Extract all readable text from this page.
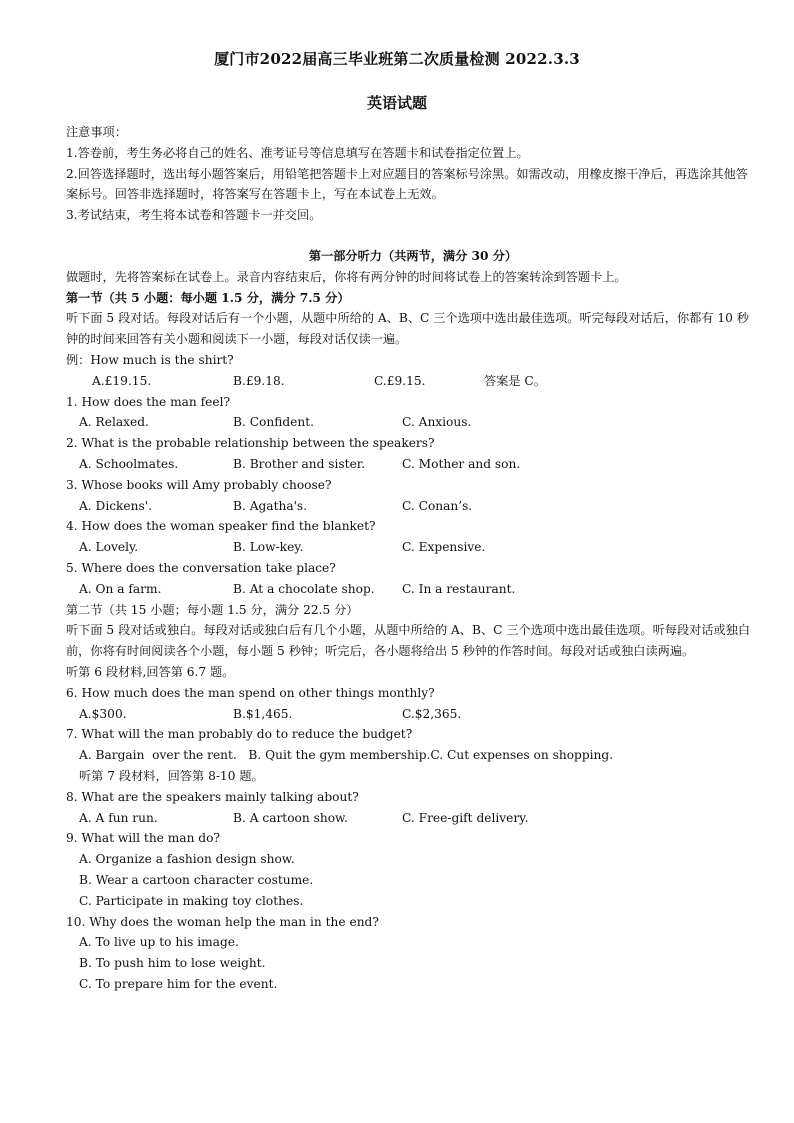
厦门市2022届高三毕业班第二次质量检测 2022.3.3
英语试题
注意事项：
1.答卷前，考生务必将自己的姓名、准考证号等信息填写在答题卡和试卷指定位置上。
2.回答选择题时，选出每小题答案后，用铅笔把答题卡上对应题目的答案标号涂黑。如需改动，用橡皮擦干净后，再选涂其他答案标号。回答非选择题时，将答案写在答题卡上，写在本试卷上无效。
3.考试结束，考生将本试卷和答题卡一并交回。
第一部分听力（共两节，满分 30 分）
做题时，先将答案标在试卷上。录音内容结束后，你将有两分钟的时间将试卷上的答案转涂到答题卡上。
第一节（共 5 小题：每小题 1.5 分，满分 7.5 分）
听下面 5 段对话。每段对话后有一个小题，从题中所给的 A、B、C 三个选项中选出最佳选项。听完每段对话后，你都有 10 秒钟的时间来回答有关小题和阅读下一小题，每段对话仅读一遍。
例：How much is the shirt?
A.£19.15.	B.£9.18.	C.£9.15.	答案是 C。
1. How does the man feel?
A. Relaxed.	B. Confident.	C. Anxious.
2. What is the probable relationship between the speakers?
A. Schoolmates.	B. Brother and sister.	C. Mother and son.
3. Whose books will Amy probably choose?
A. Dickens'.	B. Agatha's.	C. Conan’s.
4. How does the woman speaker find the blanket?
A. Lovely.	B. Low-key.	C. Expensive.
5. Where does the conversation take place?
A. On a farm.	B. At a chocolate shop. C. In a restaurant.
第二节（共 15 小题；每小题 1.5 分，满分 22.5 分）
听下面 5 段对话或独白。每段对话或独白后有几个小题，从题中所给的 A、B、C 三个选项中选出最佳选项。听每段对话或独白前，你将有时间阅读各个小题，每小题 5 秒钟；听完后，各小题将给出 5 秒钟的作答时间。每段对话或独白读两遍。
听第 6 段材料,回答第 6.7 题。
6. How much does the man spend on other things monthly?
A.$300.	B.$1,465.	C.$2,365.
7. What will the man probably do to reduce the budget?
A. Bargain  over the rent.   B. Quit the gym membership.C. Cut expenses on shopping.
听第 7 段材料，回答第 8-10 题。
8. What are the speakers mainly talking about?
A. A fun run.	B. A cartoon show.	C. Free-gift delivery.
9. What will the man do?
A. Organize a fashion design show.
B. Wear a cartoon character costume.
C. Participate in making toy clothes.
10. Why does the woman help the man in the end?
A. To live up to his image.
B. To push him to lose weight.
C. To prepare him for the event.
